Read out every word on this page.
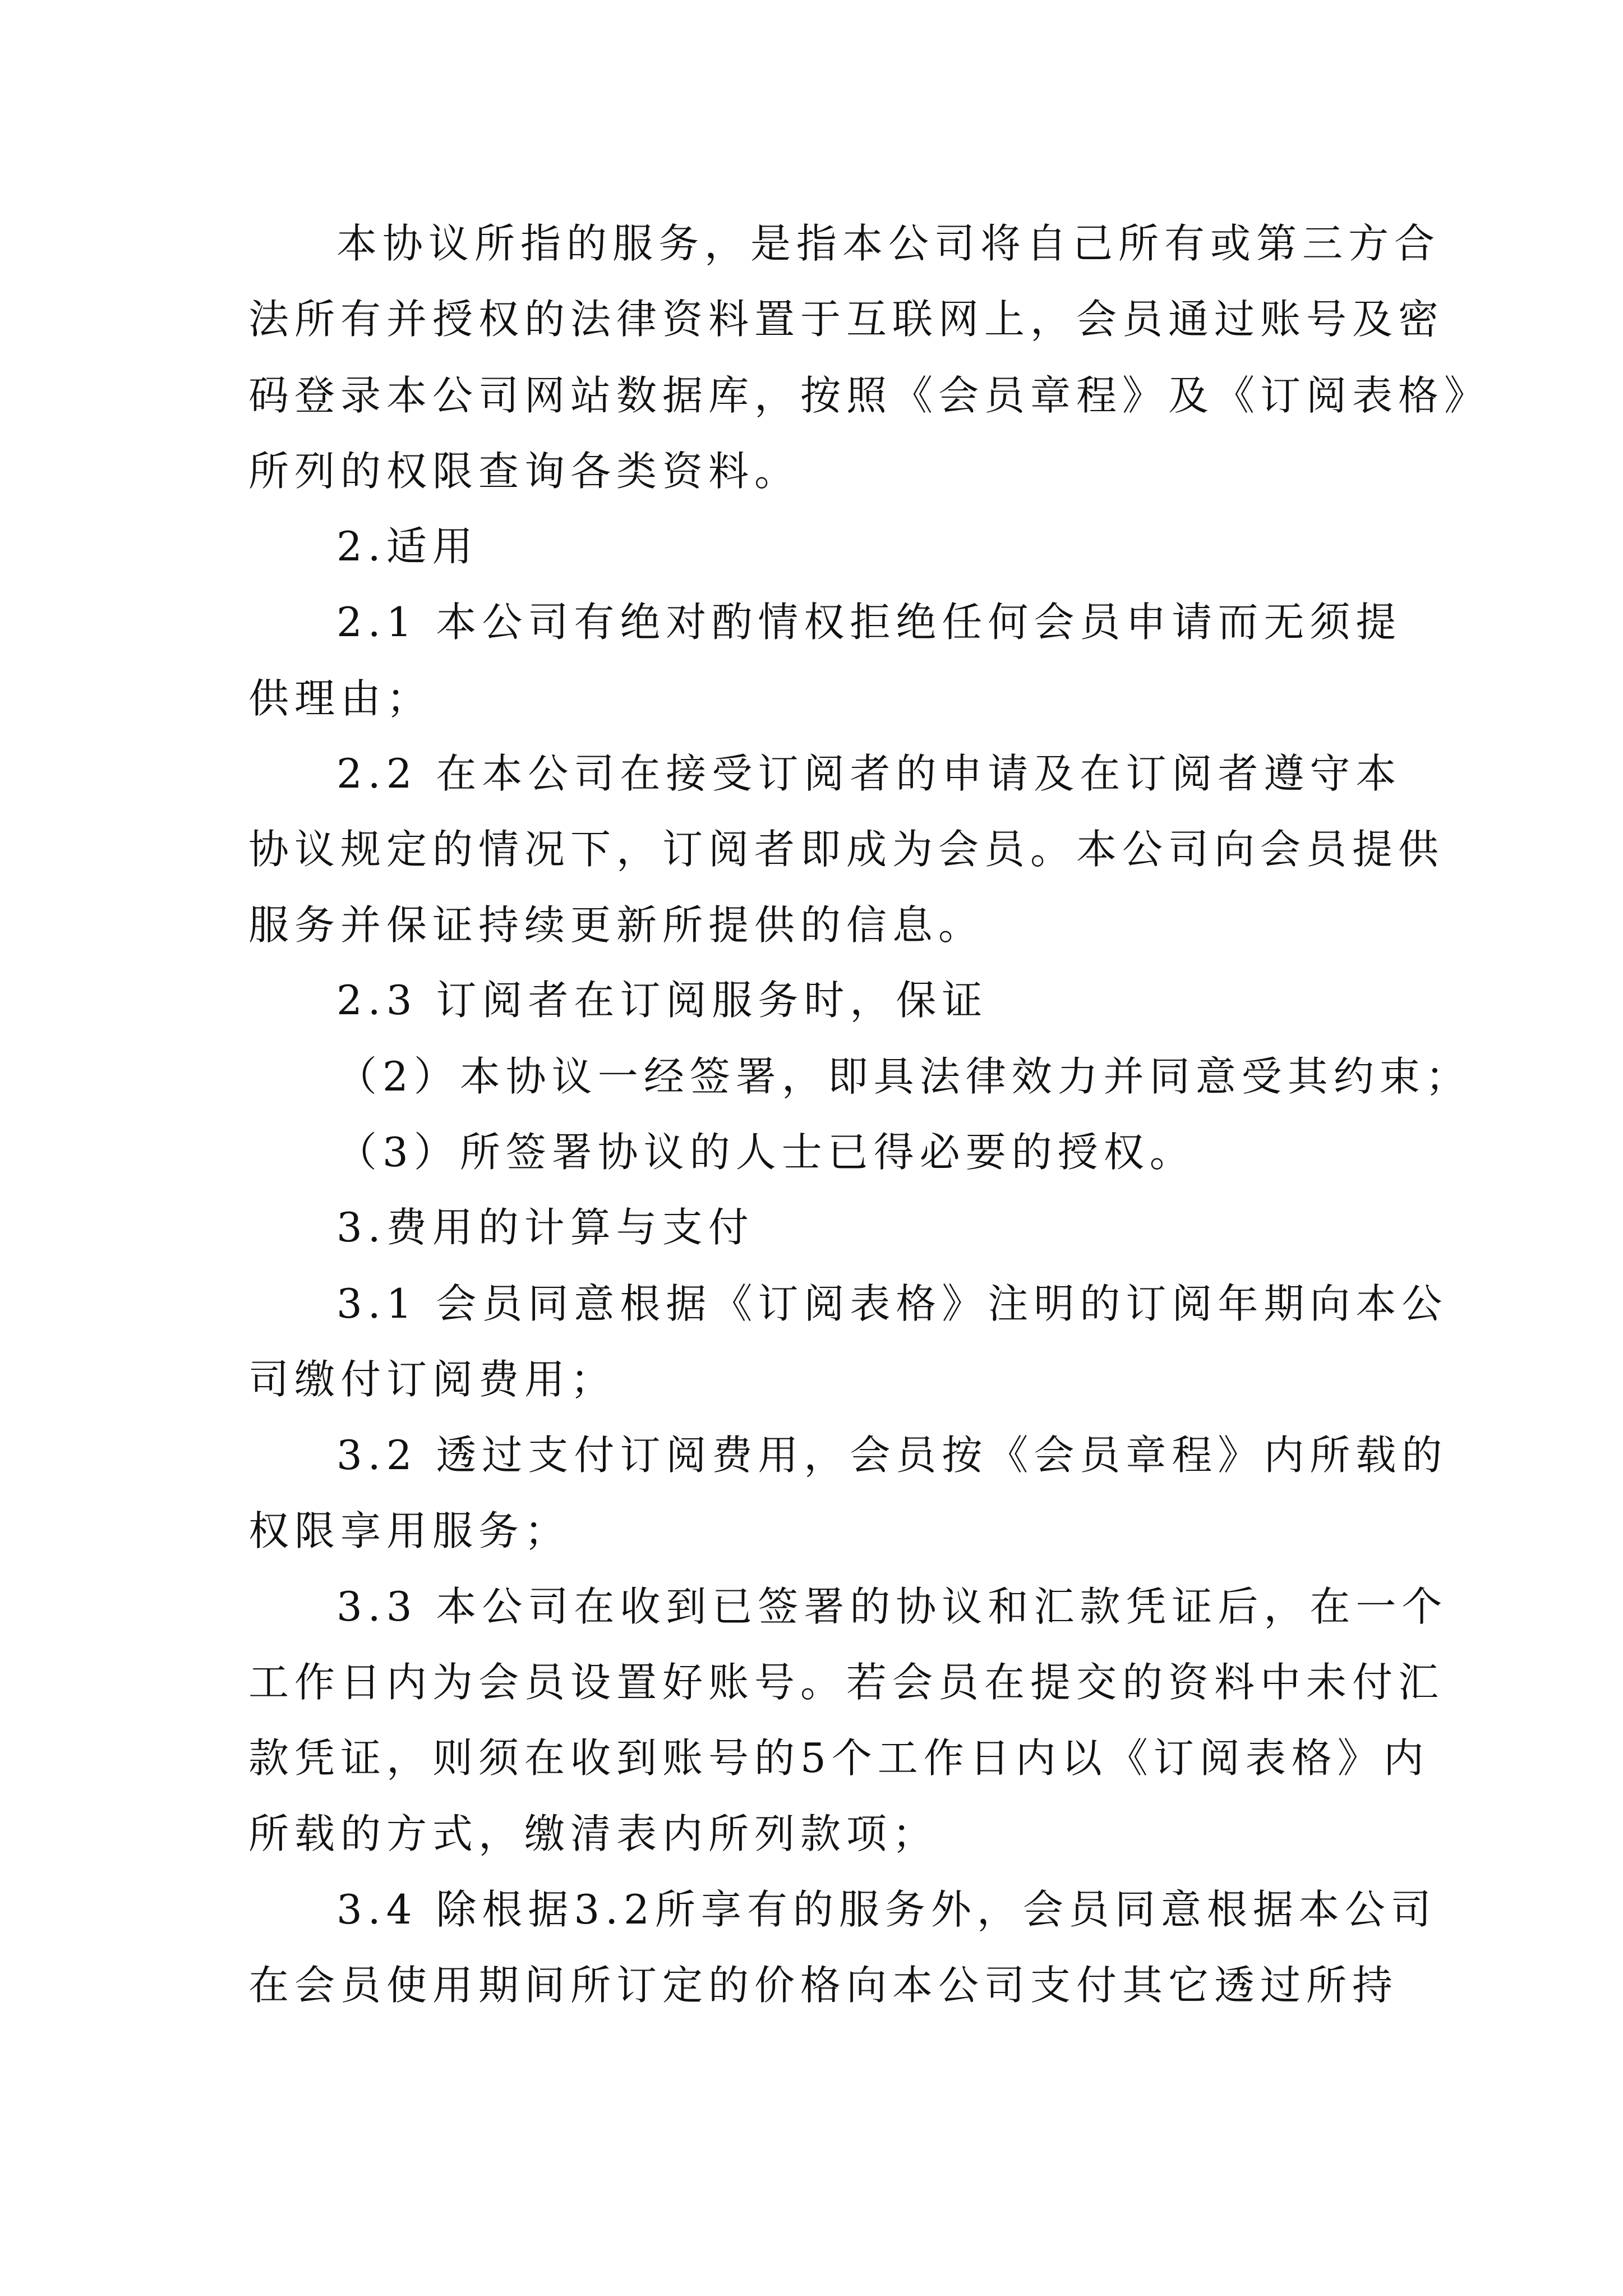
本协议所指的服务，是指本公司将自己所有或第三方合
法所有并授权的法律资料置于互联网上，会员通过账号及密
码登录本公司网站数据库，按照《会员章程》及《订阅表格》
所列的权限查询各类资料。
2.适用
2.1 本公司有绝对酌情权拒绝任何会员申请而无须提
供理由；
2.2 在本公司在接受订阅者的申请及在订阅者遵守本
协议规定的情况下，订阅者即成为会员。本公司向会员提供
服务并保证持续更新所提供的信息。
2.3 订阅者在订阅服务时，保证
（2）本协议一经签署，即具法律效力并同意受其约束；
（3）所签署协议的人士已得必要的授权。
3.费用的计算与支付
3.1 会员同意根据《订阅表格》注明的订阅年期向本公
司缴付订阅费用；
3.2 透过支付订阅费用，会员按《会员章程》内所载的
权限享用服务；
3.3 本公司在收到已签署的协议和汇款凭证后，在一个
工作日内为会员设置好账号。若会员在提交的资料中未付汇
款凭证，则须在收到账号的5个工作日内以《订阅表格》内
所载的方式，缴清表内所列款项；
3.4 除根据3.2所享有的服务外，会员同意根据本公司
在会员使用期间所订定的价格向本公司支付其它透过所持
